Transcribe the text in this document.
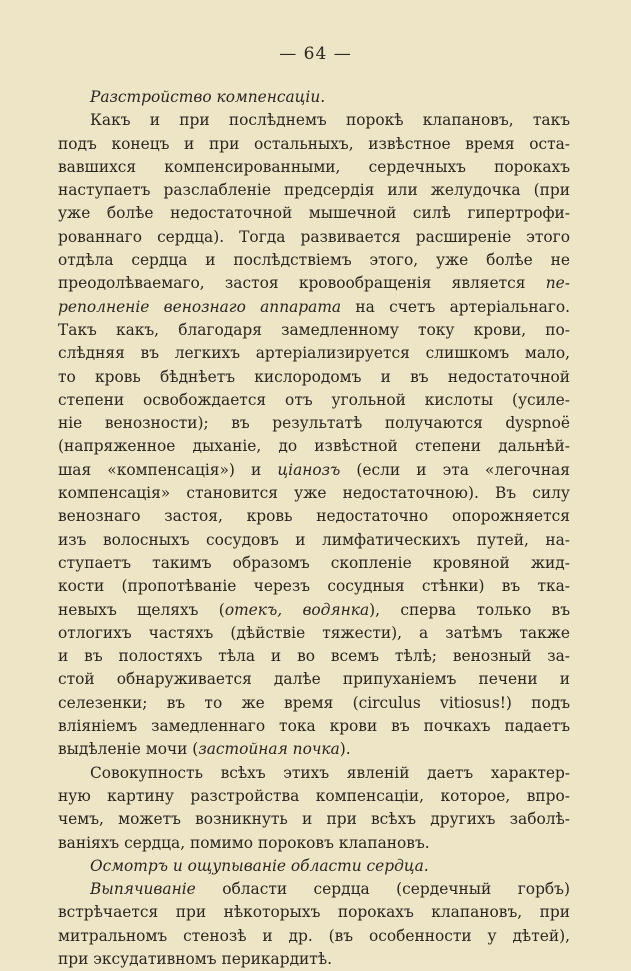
— 64 —
Разстройство компенсаціи.
Какъ и при послѣднемъ порокѣ клапановъ, такъ
подъ конецъ и при остальныхъ, извѣстное время оста-
вавшихся компенсированными, сердечныхъ порокахъ
наступаетъ разслабленіе предсердія или желудочка (при
уже болѣе недостаточной мышечной силѣ гипертрофи-
рованнаго сердца). Тогда развивается расширеніе этого
отдѣла сердца и послѣдствіемъ этого, уже болѣе не
преодолѣваемаго, застоя кровообращенія является пе-
реполненіе венознаго аппарата на счетъ артеріальнаго.
Такъ какъ, благодаря замедленному току крови, по-
слѣдняя въ легкихъ артеріализируется слишкомъ мало,
то кровь бѣднѣетъ кислородомъ и въ недостаточной
степени освобождается отъ угольной кислоты (усиле-
ніе венозности); въ результатѣ получаются dyspnoë
(напряженное дыханіе, до извѣстной степени дальнѣй-
шая «компенсація») и ціанозъ (если и эта «легочная
компенсація» становится уже недостаточною). Въ силу
венознаго застоя, кровь недостаточно опорожняется
изъ волосныхъ сосудовъ и лимфатическихъ путей, на-
ступаетъ такимъ образомъ скопленіе кровяной жид-
кости (пропотѣваніе черезъ сосудныя стѣнки) въ тка-
невыхъ щеляхъ (отекъ, водянка), сперва только въ
отлогихъ частяхъ (дѣйствіе тяжести), а затѣмъ также
и въ полостяхъ тѣла и во всемъ тѣлѣ; венозный за-
стой обнаруживается далѣе припуханіемъ печени и
селезенки; въ то же время (circulus vitiosus!) подъ
вліяніемъ замедленнаго тока крови въ почкахъ падаетъ
выдѣленіе мочи (застойная почка).
Совокупность всѣхъ этихъ явленій даетъ характер-
ную картину разстройства компенсаціи, которое, впро-
чемъ, можетъ возникнуть и при всѣхъ другихъ заболѣ-
ваніяхъ сердца, помимо пороковъ клапановъ.
Осмотръ и ощупываніе области сердца.
Выпячиваніе области сердца (сердечный горбъ)
встрѣчается при нѣкоторыхъ порокахъ клапановъ, при
митральномъ стенозѣ и др. (въ особенности у дѣтей),
при эксудативномъ перикардитѣ.
